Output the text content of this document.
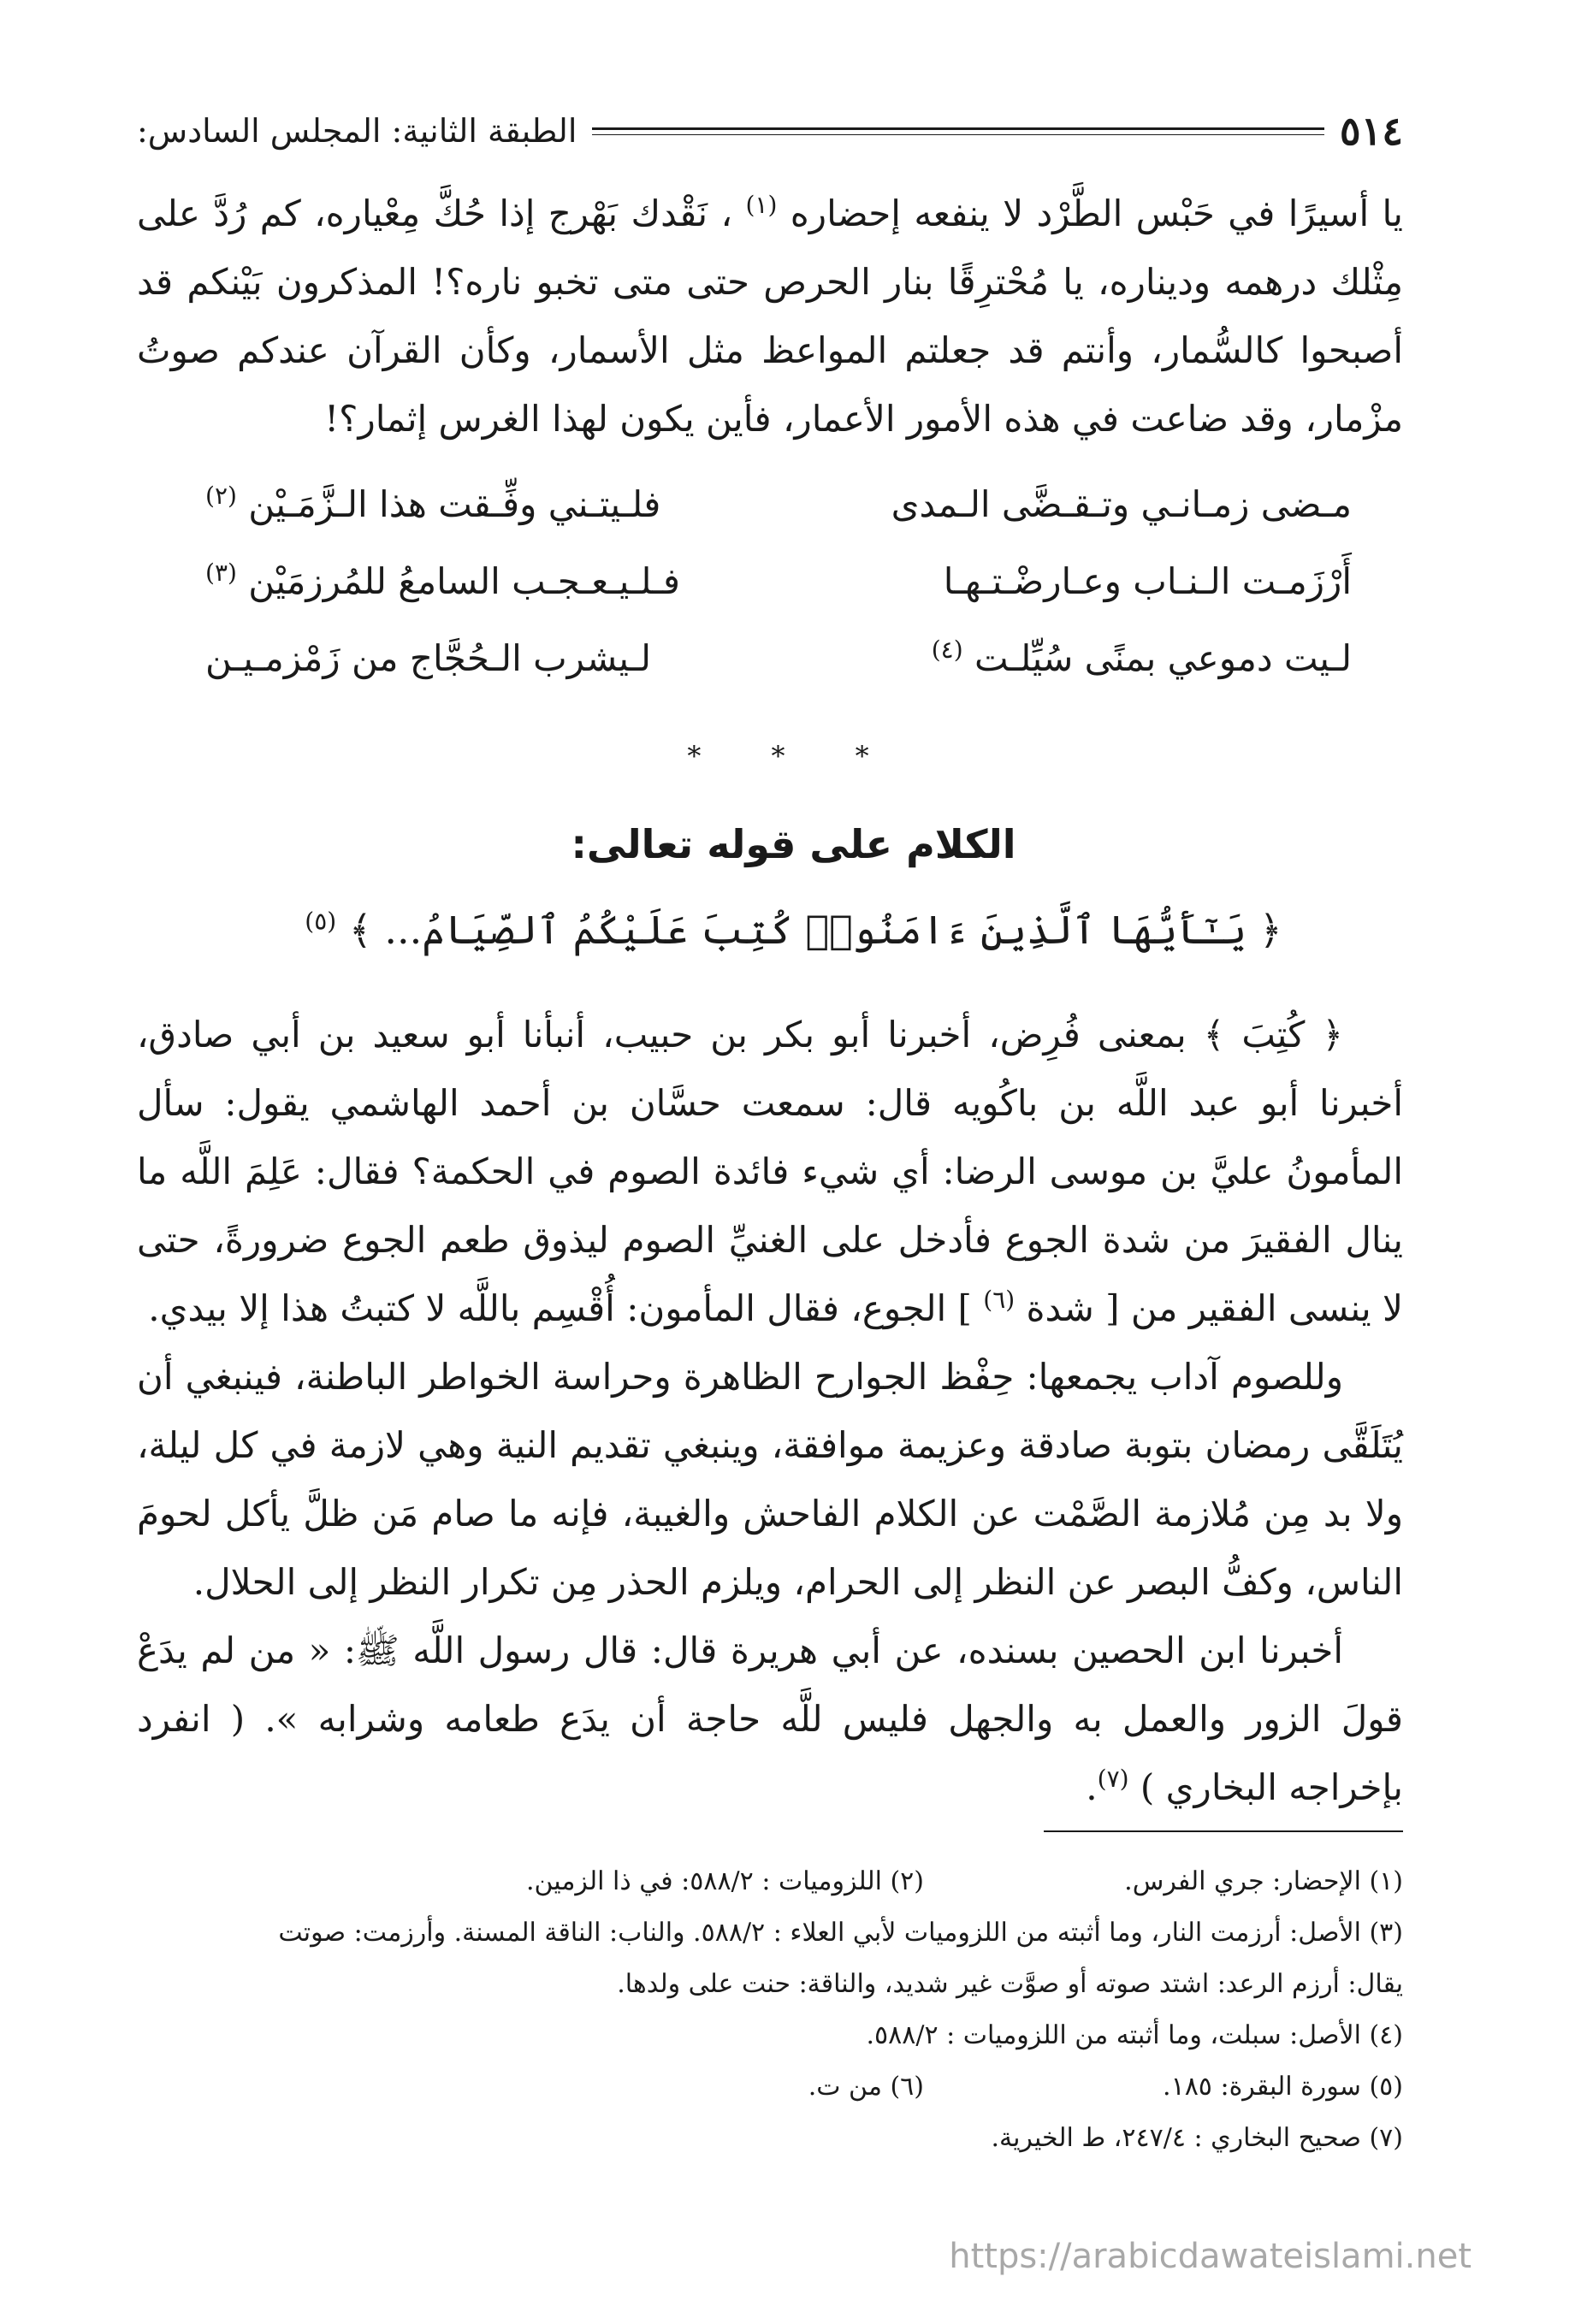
٥١٤
الطبقة الثانية: المجلس السادس:

يا أسيرًا في حَبْس الطَّرْد لا ينفعه إحضاره $^{(١)}$ ، نَقْدك بَهْرج إذا حُكَّ مِعْياره، كم رُدَّ على مِثْلك درهمه وديناره، يا مُحْترِقًا بنار الحرص حتى متى تخبو ناره؟! المذكرون بَيْنكم قد أصبحوا كالسُّمار، وأنتم قد جعلتم المواعظ مثل الأسمار، وكأن القرآن عندكم صوتُ مزْمار، وقد ضاعت في هذه الأمور الأعمار، فأين يكون لهذا الغرس إثمار؟!

مـضى زمـانـي وتـقـضَّى الـمدى
فلـيتـني وفِّـقت هذا الـزَّمَـيْن $^{(٢)}$
أَرْزَمـت الـنـاب وعـارضْـتـهـا
فـلـيـعـجـب السامعُ للمُرزمَيْن $^{(٣)}$
لـيت دموعي بمنًى سُيِّلـت $^{(٤)}$
لـيشرب الـحُجَّاج من زَمْزمـيـن
* * *
الكلام على قوله تعالى:
﴿ يَـٰٓأَيُّهَا ٱلَّذِينَ ءَامَنُوا۟ كُتِبَ عَلَيْكُمُ ٱلصِّيَامُ... ﴾ $^{(٥)}$

﴿ كُتِبَ ﴾ بمعنى فُرِض، أخبرنا أبو بكر بن حبيب، أنبأنا أبو سعيد بن أبي صادق، أخبرنا أبو عبد اللَّه بن باكُويه قال: سمعت حسَّان بن أحمد الهاشمي يقول: سأل المأمونُ عليَّ بن موسى الرضا: أي شيء فائدة الصوم في الحكمة؟ فقال: عَلِمَ اللَّه ما ينال الفقيرَ من شدة الجوع فأدخل على الغنيِّ الصوم ليذوق طعم الجوع ضرورةً، حتى لا ينسى الفقير من [ شدة $^{(٦)}$ ] الجوع، فقال المأمون: أُقْسِم باللَّه لا كتبتُ هذا إلا بيدي.

وللصوم آداب يجمعها: حِفْظ الجوارح الظاهرة وحراسة الخواطر الباطنة، فينبغي أن يُتَلَقَّى رمضان بتوبة صادقة وعزيمة موافقة، وينبغي تقديم النية وهي لازمة في كل ليلة، ولا بد مِن مُلازمة الصَّمْت عن الكلام الفاحش والغيبة، فإنه ما صام مَن ظلَّ يأكل لحومَ الناس، وكفُّ البصر عن النظر إلى الحرام، ويلزم الحذر مِن تكرار النظر إلى الحلال.

أخبرنا ابن الحصين بسنده، عن أبي هريرة قال: قال رسول اللَّه ﷺ: « من لم يدَعْ قولَ الزور والعمل به والجهل فليس للَّه حاجة أن يدَع طعامه وشرابه ». ( انفرد بإخراجه البخاري ) $^{(٧)}$.

(١) الإحضار: جري الفرس.
(٢) اللزوميات : ٥٨٨/٢: في ذا الزمين.

(٣) الأصل: أرزمت النار، وما أثبته من اللزوميات لأبي العلاء : ٥٨٨/٢. والناب: الناقة المسنة. وأرزمت: صوتت

يقال: أرزم الرعد: اشتد صوته أو صوَّت غير شديد، والناقة: حنت على ولدها.

(٤) الأصل: سبلت، وما أثبته من اللزوميات : ٥٨٨/٢.

(٥) سورة البقرة: ١٨٥.
(٦) من ت.

(٧) صحيح البخاري : ٢٤٧/٤، ط الخيرية.

https://arabicdawateislami.net
